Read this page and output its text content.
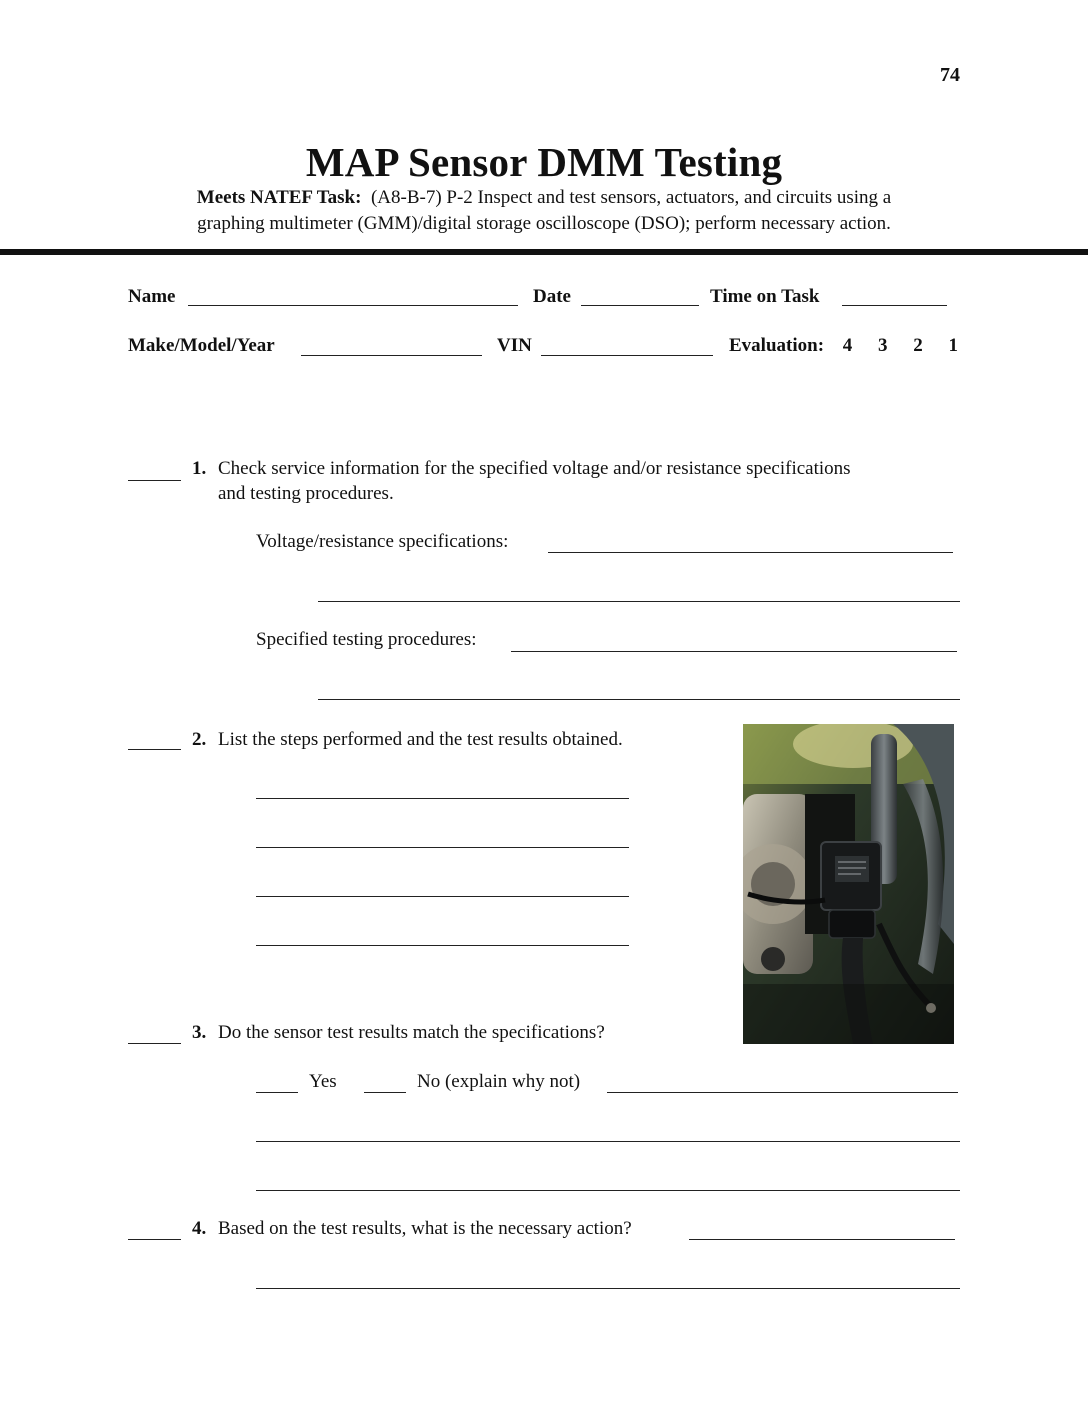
74
MAP Sensor DMM Testing
Meets NATEF Task: (A8-B-7) P-2 Inspect and test sensors, actuators, and circuits using a
graphing multimeter (GMM)/digital storage oscilloscope (DSO); perform necessary action.
Name	Date	Time on Task
Make/Model/Year	VIN	Evaluation: 4 3 2 1
1. Check service information for the specified voltage and/or resistance specifications
and testing procedures.
Voltage/resistance specifications:
Specified testing procedures:
2. List the steps performed and the test results obtained.
3. Do the sensor test results match the specifications?
Yes	No (explain why not)
4. Based on the test results, what is the necessary action?
